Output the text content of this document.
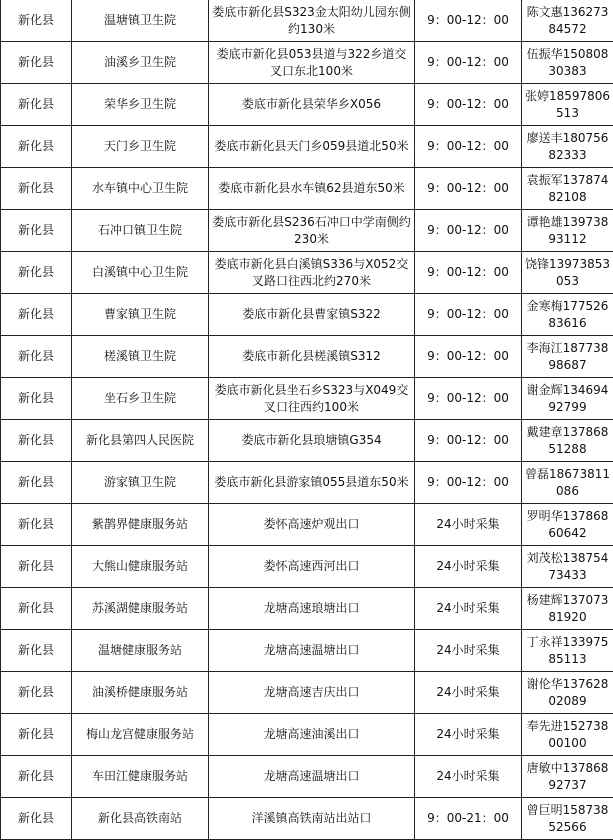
新化县	温塘镇卫生院	娄底市新化县S323金太阳幼儿园东侧约130米	9：00-12：00	陈文惠13627384572
新化县	油溪乡卫生院	娄底市新化县053县道与322乡道交叉口东北100米	9：00-12：00	伍振华15080830383
新化县	荣华乡卫生院	娄底市新化县荣华乡X056	9：00-12：00	张婷18597806513
新化县	天门乡卫生院	娄底市新化县天门乡059县道北50米	9：00-12：00	廖送丰18075682333
新化县	水车镇中心卫生院	娄底市新化县水车镇62县道东50米	9：00-12：00	袁振军13787482108
新化县	石冲口镇卫生院	娄底市新化县S236石冲口中学南侧约230米	9：00-12：00	谭艳雄13973893112
新化县	白溪镇中心卫生院	娄底市新化县白溪镇S336与X052交叉路口往西北约270米	9：00-12：00	饶锋13973853053
新化县	曹家镇卫生院	娄底市新化县曹家镇S322	9：00-12：00	金寒梅17752683616
新化县	槎溪镇卫生院	娄底市新化县槎溪镇S312	9：00-12：00	李海江18773898687
新化县	坐石乡卫生院	娄底市新化县坐石乡S323与X049交叉口往西约100米	9：00-12：00	谢金辉13469492799
新化县	新化县第四人民医院	娄底市新化县琅塘镇G354	9：00-12：00	戴建章13786851288
新化县	游家镇卫生院	娄底市新化县游家镇055县道东50米	9：00-12：00	曾磊18673811086
新化县	紫鹊界健康服务站	娄怀高速炉观出口	24小时采集	罗明华13786860642
新化县	大熊山健康服务站	娄怀高速西河出口	24小时采集	刘茂松13875473433
新化县	苏溪湖健康服务站	龙塘高速琅塘出口	24小时采集	杨建辉13707381920
新化县	温塘健康服务站	龙塘高速温塘出口	24小时采集	丁永祥13397585113
新化县	油溪桥健康服务站	龙塘高速吉庆出口	24小时采集	谢伦华13762802089
新化县	梅山龙宫健康服务站	龙塘高速油溪出口	24小时采集	奉先进15273800100
新化县	车田江健康服务站	龙塘高速温塘出口	24小时采集	唐敏中13786892737
新化县	新化县高铁南站	洋溪镇高铁南站出站口	9：00-21：00	曾巨明15873852566
